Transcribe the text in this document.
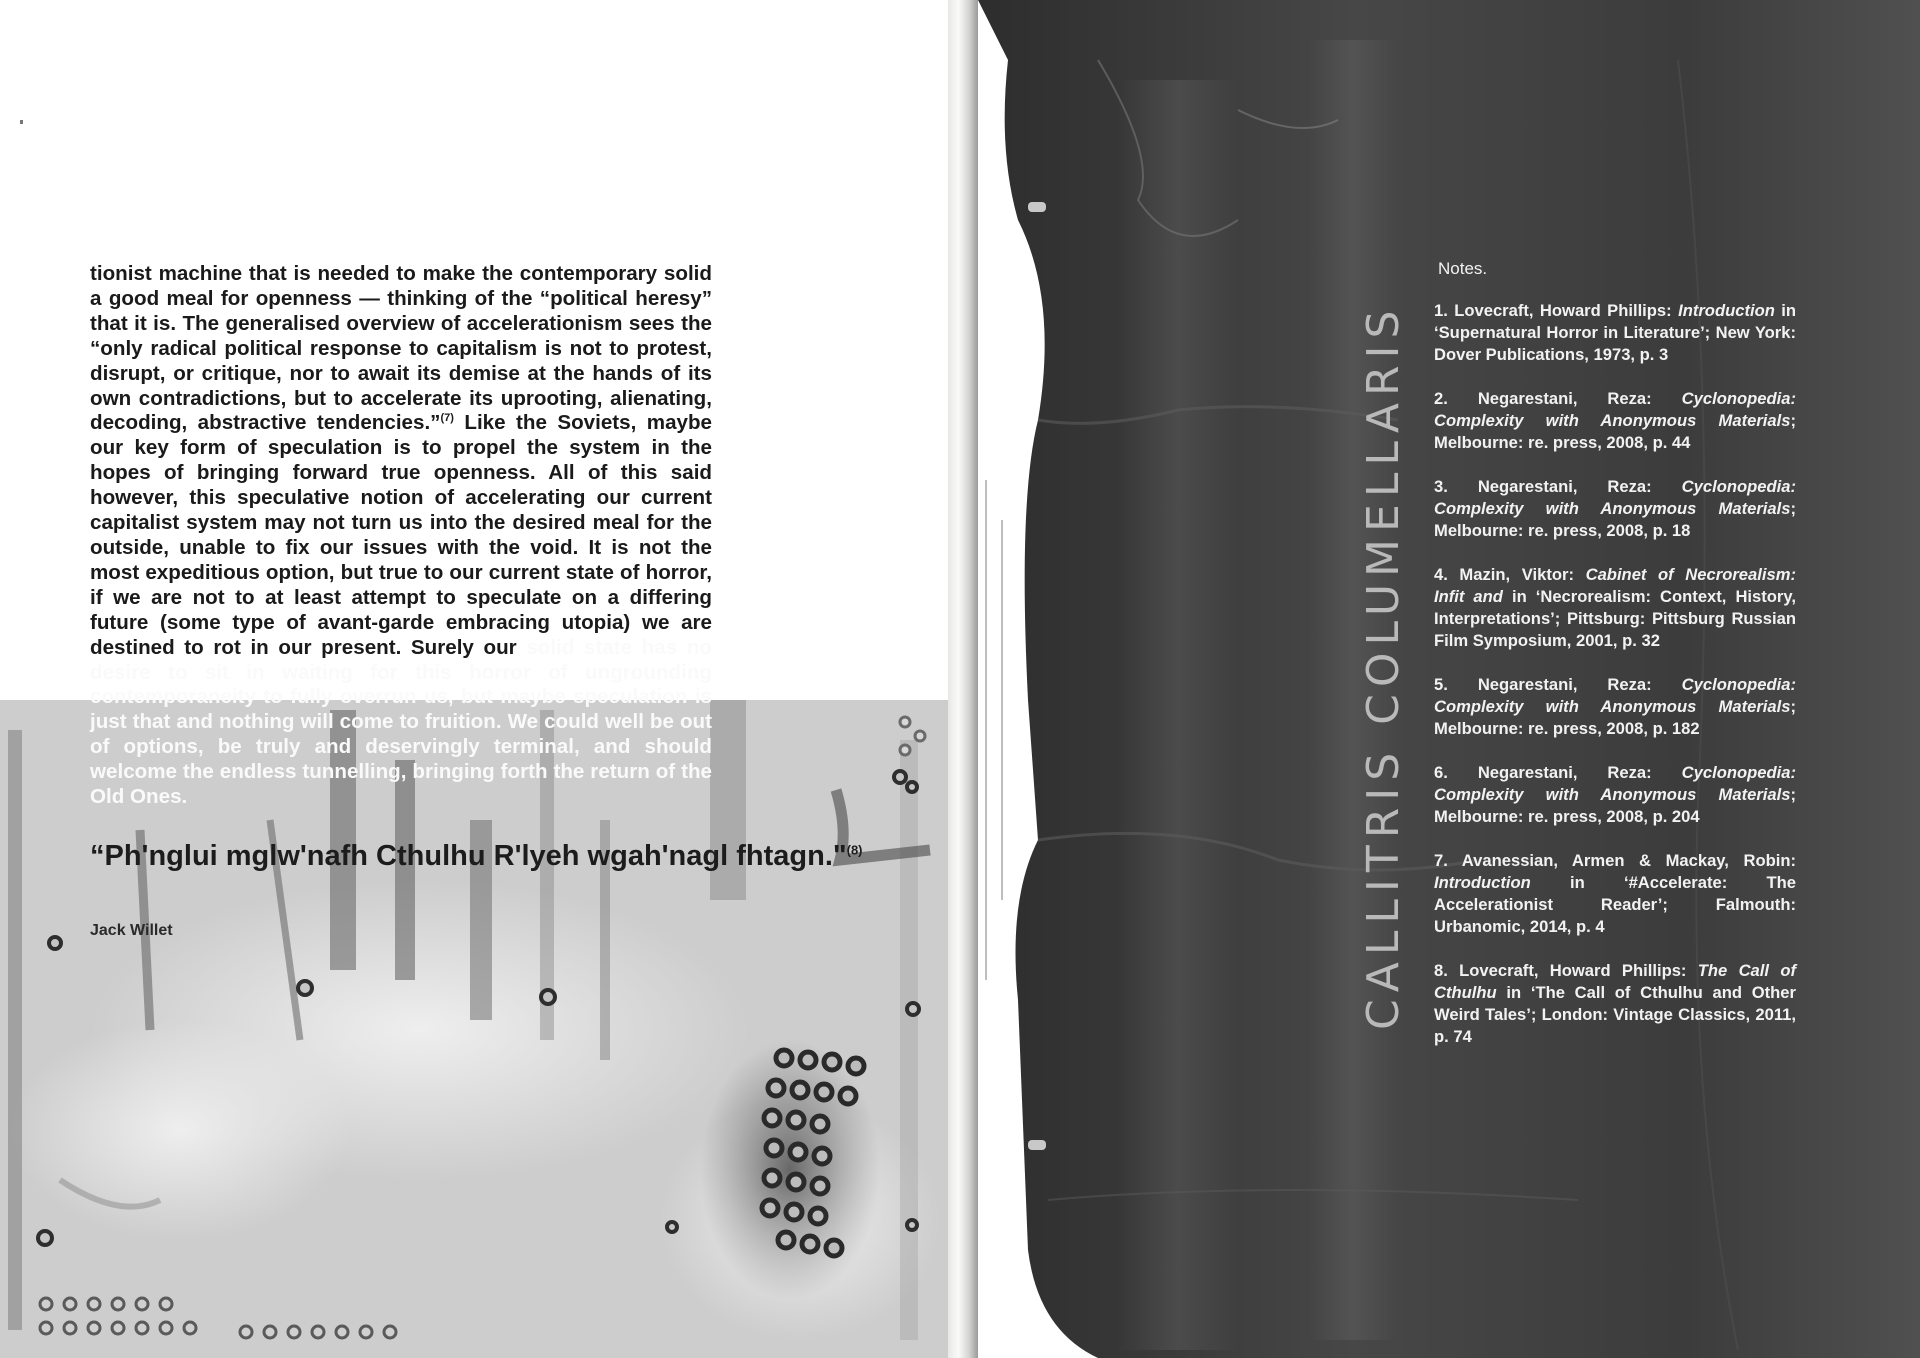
tionist machine that is needed to make the contemporary solid a good meal for openness — thinking of the “political heresy” that it is. The generalised overview of accelerationism sees the “only radical political response to capitalism is not to protest, disrupt, or critique, nor to await its demise at the hands of its own contradictions, but to accelerate its uprooting, alienating, decoding, abstractive tendencies.”$^{(7)}$ Like the Soviets, maybe our key form of speculation is to propel the system in the hopes of bringing forward true openness. All of this said however, this speculative notion of accelerating our current capitalist system may not turn us into the desired meal for the outside, unable to fix our issues with the void. It is not the most expeditious option, but true to our current state of horror, if we are not to at least attempt to speculate on a differing future (some type of avant-garde embracing utopia) we are destined to rot in our present. Surely our solid state has no desire to sit in waiting for this horror of ungrounding contemporaneity to fully overrun us, but maybe speculation is just that and nothing will come to fruition. We could well be out of options, be truly and deservingly terminal, and should welcome the endless tunnelling, bringing forth the return of the Old Ones.

“Ph'nglui mglw'nafh Cthulhu R'lyeh wgah'nagl fhtagn."$^{(8)}$

Jack Willet	CALLITRIS COLUMELLARIS
Notes.

1. Lovecraft, Howard Phillips: Introduction in ‘Supernatural Horror in Literature’; New York: Dover Publications, 1973, p. 3

2. Negarestani, Reza: Cyclonopedia: Complexity with Anonymous Materials; Melbourne: re. press, 2008, p. 44

3. Negarestani, Reza: Cyclonopedia: Complexity with Anonymous Materials; Melbourne: re. press, 2008, p. 18

4. Mazin, Viktor: Cabinet of Necrorealism: Infit and in ‘Necrorealism: Context, History, Interpretations’; Pittsburg: Pittsburg Russian Film Symposium, 2001, p. 32

5. Negarestani, Reza: Cyclonopedia: Complexity with Anonymous Materials; Melbourne: re. press, 2008, p. 182

6. Negarestani, Reza: Cyclonopedia: Complexity with Anonymous Materials; Melbourne: re. press, 2008, p. 204

7. Avanessian, Armen & Mackay, Robin: Introduction in ‘#Accelerate: The Accelerationist Reader’; Falmouth: Urbanomic, 2014, p. 4

8. Lovecraft, Howard Phillips: The Call of Cthulhu in ‘The Call of Cthulhu and Other Weird Tales’; London: Vintage Classics, 2011, p. 74
